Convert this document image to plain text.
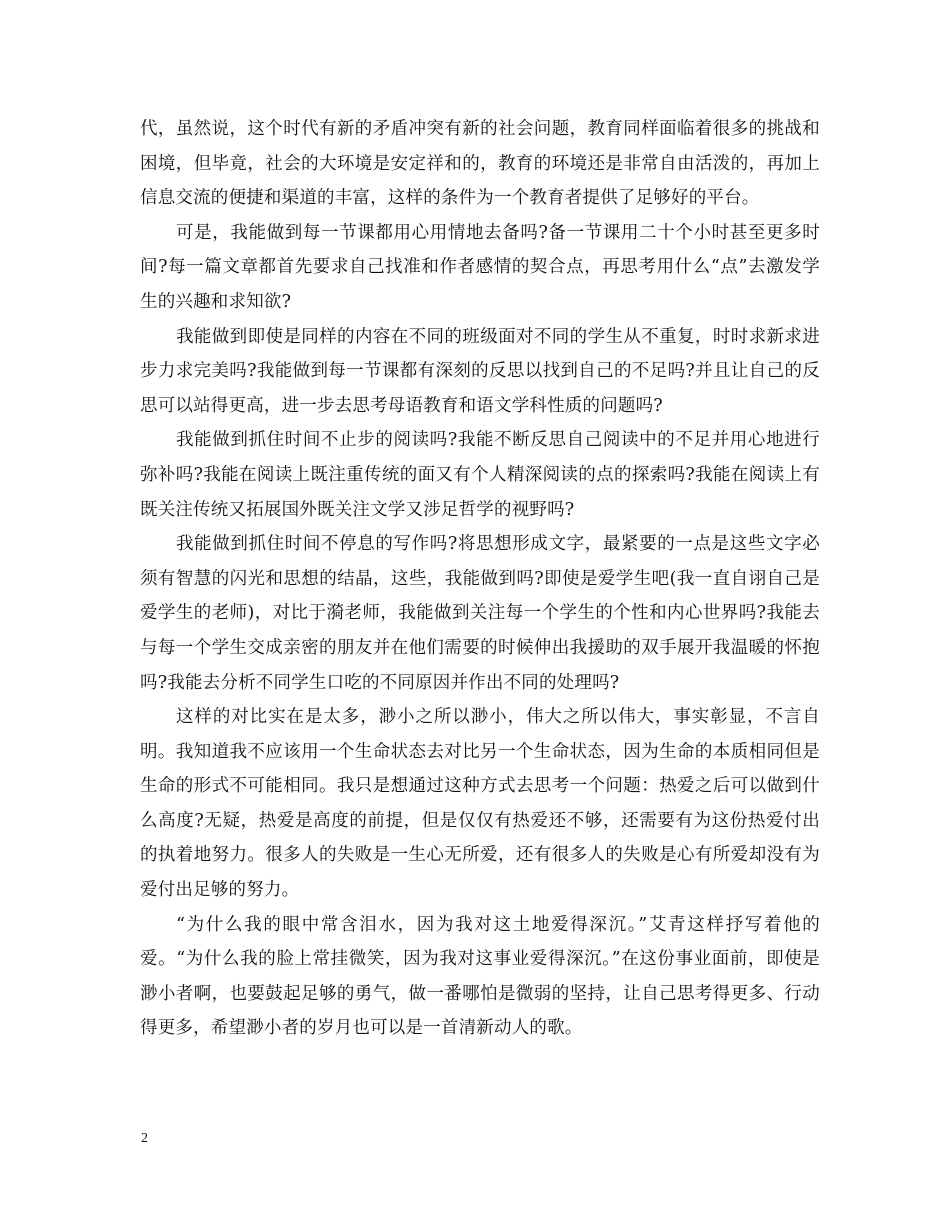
代，虽然说，这个时代有新的矛盾冲突有新的社会问题，教育同样面临着很多的挑战和困境，但毕竟，社会的大环境是安定祥和的，教育的环境还是非常自由活泼的，再加上信息交流的便捷和渠道的丰富，这样的条件为一个教育者提供了足够好的平台。

可是，我能做到每一节课都用心用情地去备吗?备一节课用二十个小时甚至更多时间?每一篇文章都首先要求自己找准和作者感情的契合点，再思考用什么“点”去激发学生的兴趣和求知欲?

我能做到即使是同样的内容在不同的班级面对不同的学生从不重复，时时求新求进步力求完美吗?我能做到每一节课都有深刻的反思以找到自己的不足吗?并且让自己的反思可以站得更高，进一步去思考母语教育和语文学科性质的问题吗?

我能做到抓住时间不止步的阅读吗?我能不断反思自己阅读中的不足并用心地进行弥补吗?我能在阅读上既注重传统的面又有个人精深阅读的点的探索吗?我能在阅读上有既关注传统又拓展国外既关注文学又涉足哲学的视野吗?

我能做到抓住时间不停息的写作吗?将思想形成文字，最紧要的一点是这些文字必须有智慧的闪光和思想的结晶，这些，我能做到吗?即使是爱学生吧(我一直自诩自己是爱学生的老师)，对比于漪老师，我能做到关注每一个学生的个性和内心世界吗?我能去与每一个学生交成亲密的朋友并在他们需要的时候伸出我援助的双手展开我温暖的怀抱吗?我能去分析不同学生口吃的不同原因并作出不同的处理吗?

这样的对比实在是太多，渺小之所以渺小，伟大之所以伟大，事实彰显，不言自明。我知道我不应该用一个生命状态去对比另一个生命状态，因为生命的本质相同但是生命的形式不可能相同。我只是想通过这种方式去思考一个问题：热爱之后可以做到什么高度?无疑，热爱是高度的前提，但是仅仅有热爱还不够，还需要有为这份热爱付出的执着地努力。很多人的失败是一生心无所爱，还有很多人的失败是心有所爱却没有为爱付出足够的努力。

“为什么我的眼中常含泪水，因为我对这土地爱得深沉。”艾青这样抒写着他的爱。“为什么我的脸上常挂微笑，因为我对这事业爱得深沉。”在这份事业面前，即使是渺小者啊，也要鼓起足够的勇气，做一番哪怕是微弱的坚持，让自己思考得更多、行动得更多，希望渺小者的岁月也可以是一首清新动人的歌。

2
